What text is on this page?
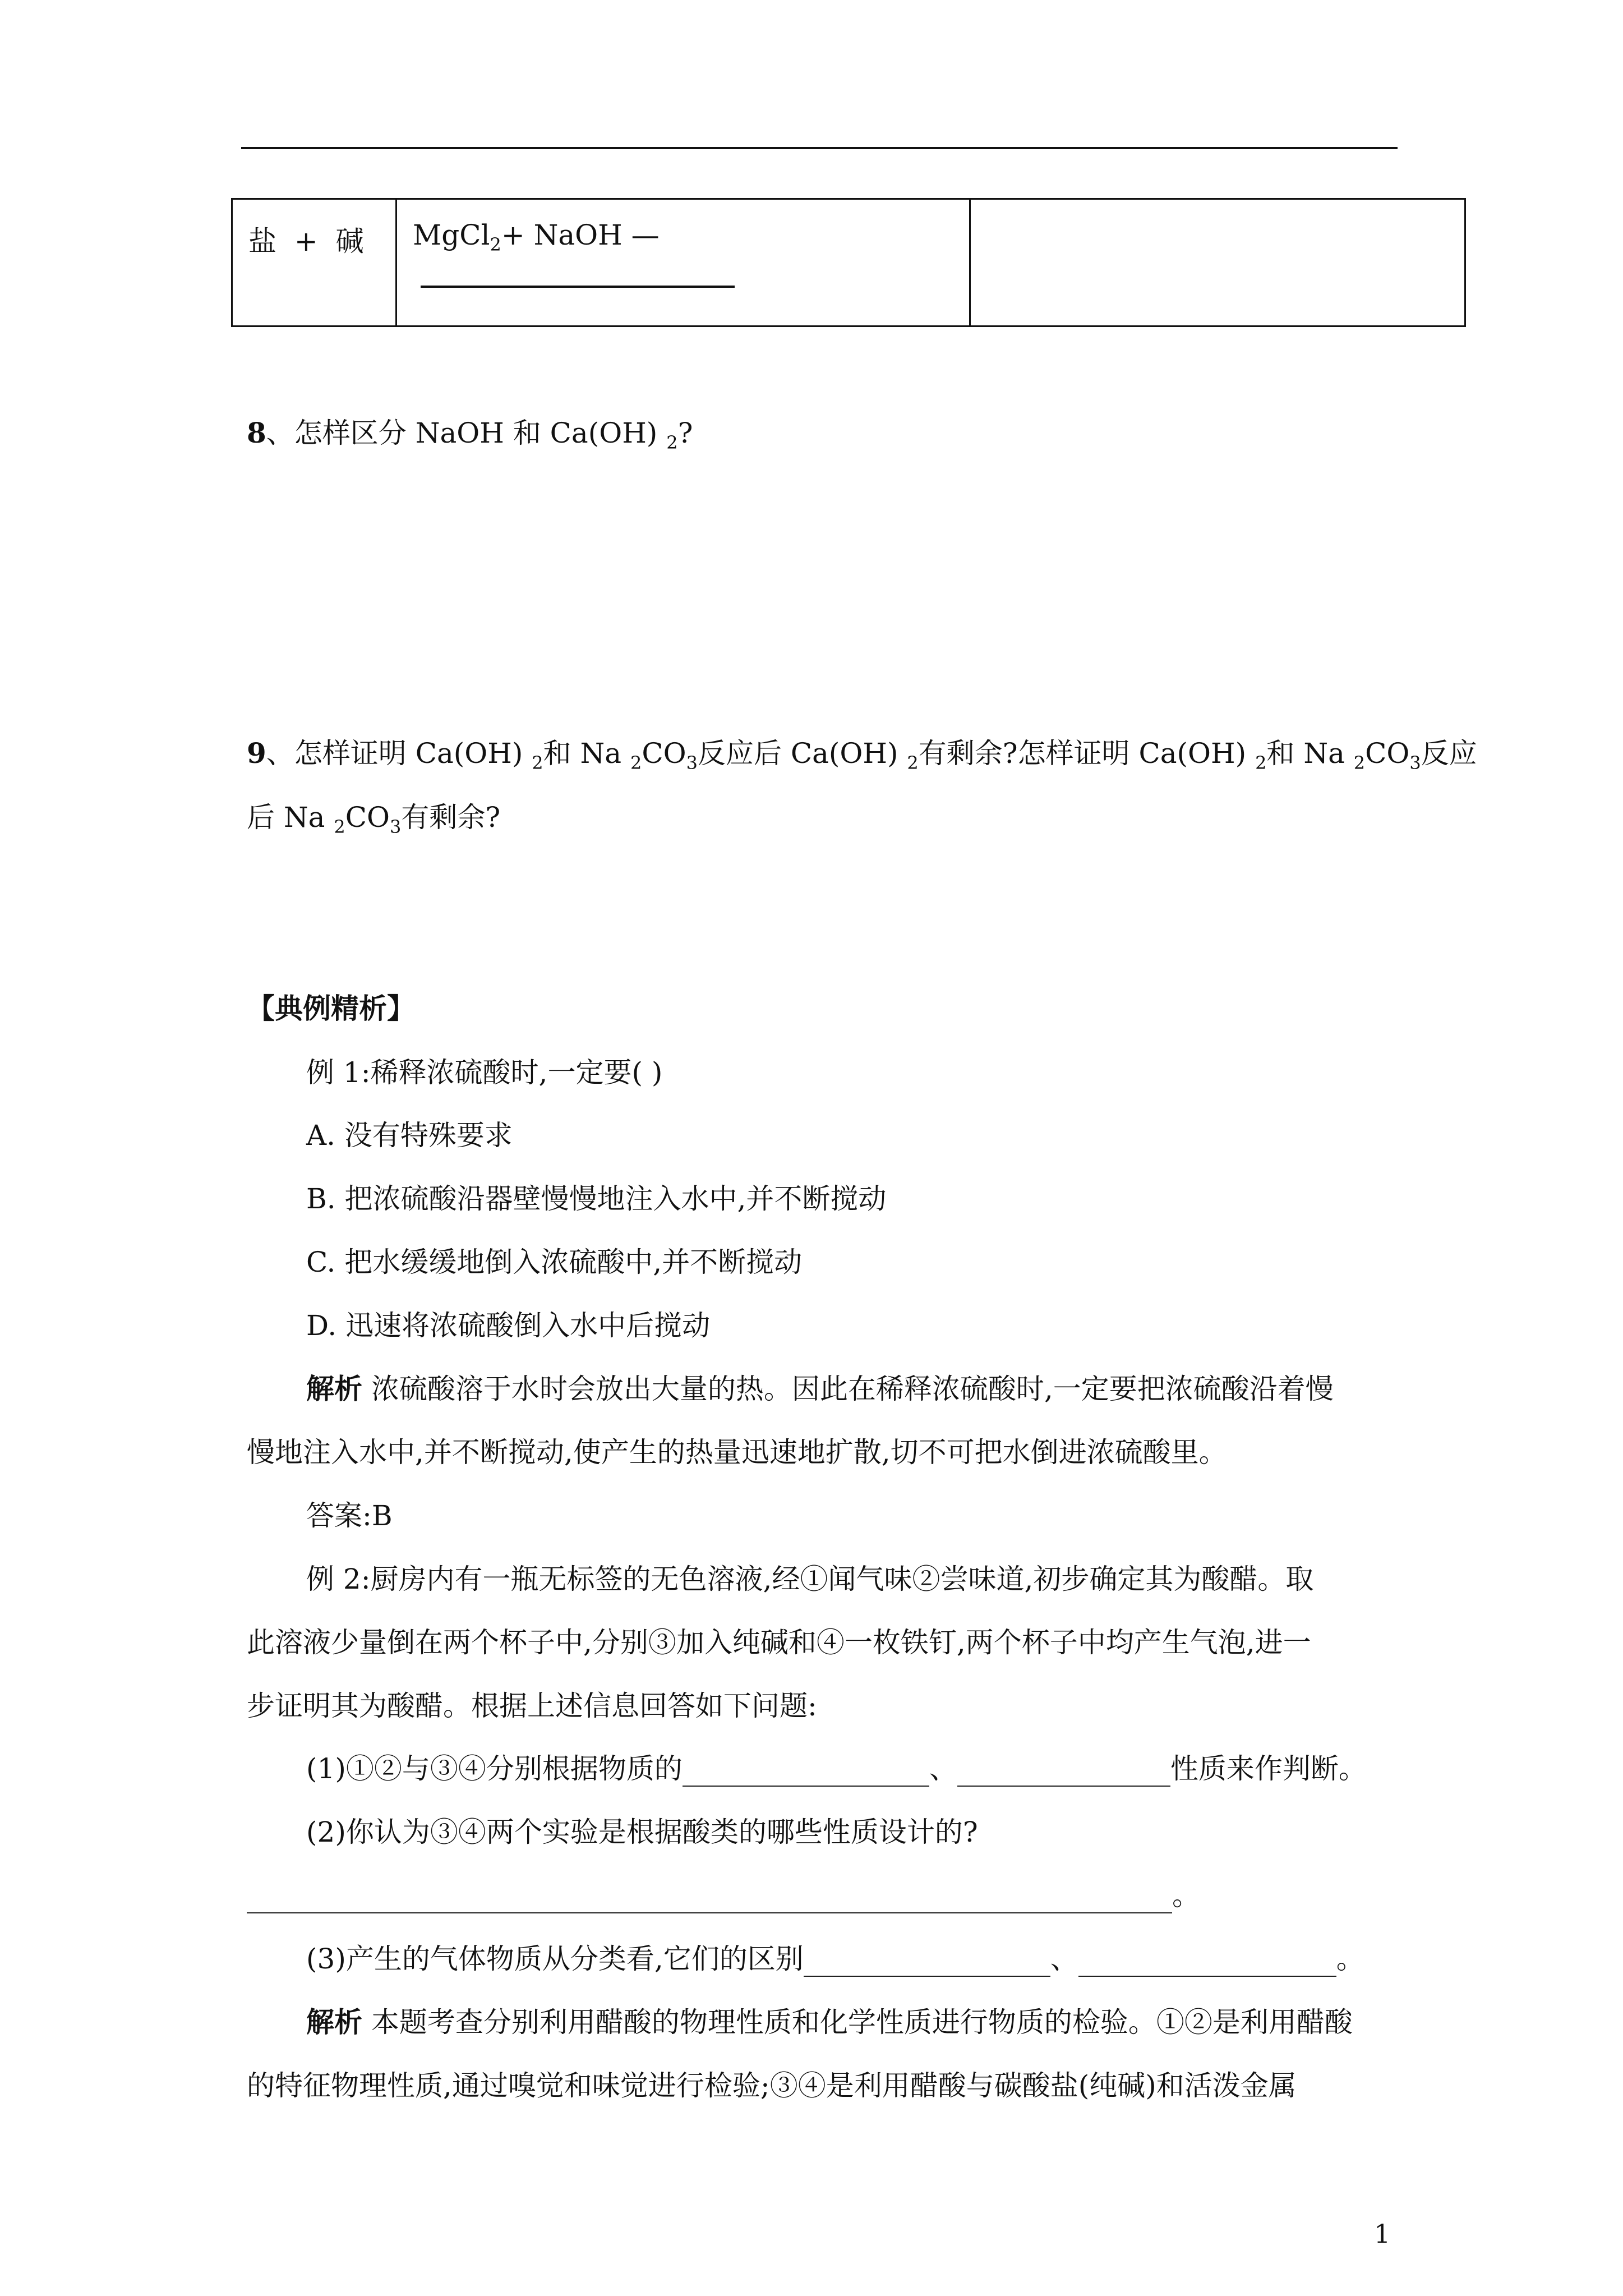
盐 + 碱	MgCl$_2$+ NaOH —	
8、怎样区分 NaOH 和 Ca(OH) $_2$?
9、怎样证明 Ca(OH) $_2$和 Na $_2CO_3$反应后 Ca(OH) $_2$有剩余?怎样证明 Ca(OH) $_2$和 Na $_2CO_3$反应
后 Na $_2CO_3$有剩余?
【典例精析】
例 1:稀释浓硫酸时,一定要( )
A. 没有特殊要求
B. 把浓硫酸沿器壁慢慢地注入水中,并不断搅动
C. 把水缓缓地倒入浓硫酸中,并不断搅动
D. 迅速将浓硫酸倒入水中后搅动
解析 浓硫酸溶于水时会放出大量的热。因此在稀释浓硫酸时,一定要把浓硫酸沿着慢
慢地注入水中,并不断搅动,使产生的热量迅速地扩散,切不可把水倒进浓硫酸里。
答案:B
例 2:厨房内有一瓶无标签的无色溶液,经①闻气味②尝味道,初步确定其为酸醋。取
此溶液少量倒在两个杯子中,分别③加入纯碱和④一枚铁钉,两个杯子中均产生气泡,进一
步证明其为酸醋。根据上述信息回答如下问题:
(1)①②与③④分别根据物质的	、	性质来作判断。
(2)你认为③④两个实验是根据酸类的哪些性质设计的?
。
(3)产生的气体物质从分类看,它们的区别	、	。
解析 本题考查分别利用醋酸的物理性质和化学性质进行物质的检验。①②是利用醋酸
的特征物理性质,通过嗅觉和味觉进行检验;③④是利用醋酸与碳酸盐(纯碱)和活泼金属
1
